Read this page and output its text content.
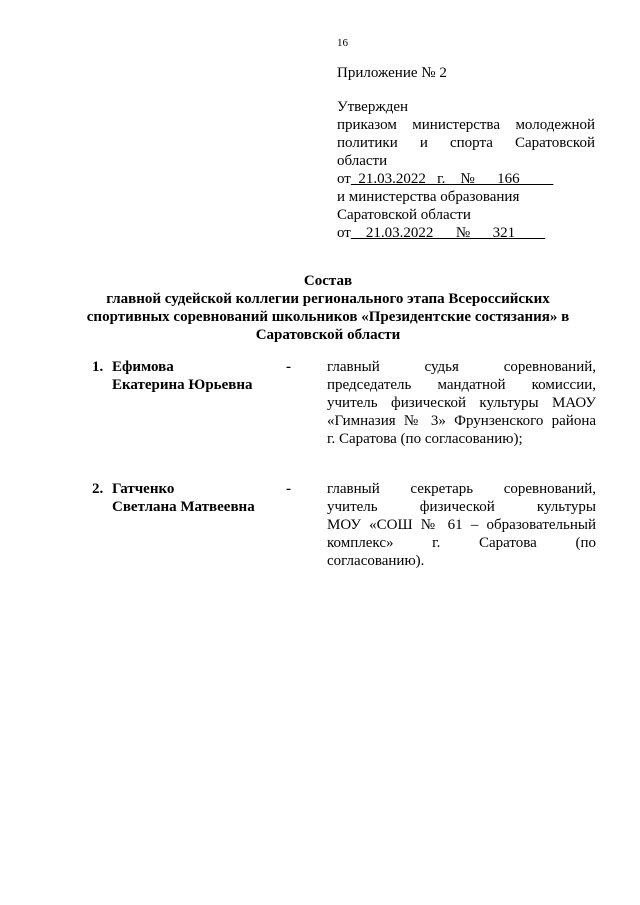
16
Приложение № 2
Утвержден
приказом министерства молодежной
политики и спорта Саратовской
области
от  21.03.2022   г.    №      166
и министерства образования
Саратовской области
от    21.03.2022      №      321
Состав
главной судейской коллегии регионального этапа Всероссийских
спортивных соревнований школьников «Президентские состязания» в
Саратовской области
1. Ефимова
Екатерина Юрьевна
- главный судья соревнований,
председатель мандатной комиссии,
учитель физической культуры МАОУ
«Гимназия № 3» Фрунзенского района
г. Саратова (по согласованию);
2. Гатченко
Светлана Матвеевна
- главный секретарь соревнований,
учитель физической культуры
МОУ «СОШ № 61 – образовательный
комплекс» г. Саратова (по
согласованию).
